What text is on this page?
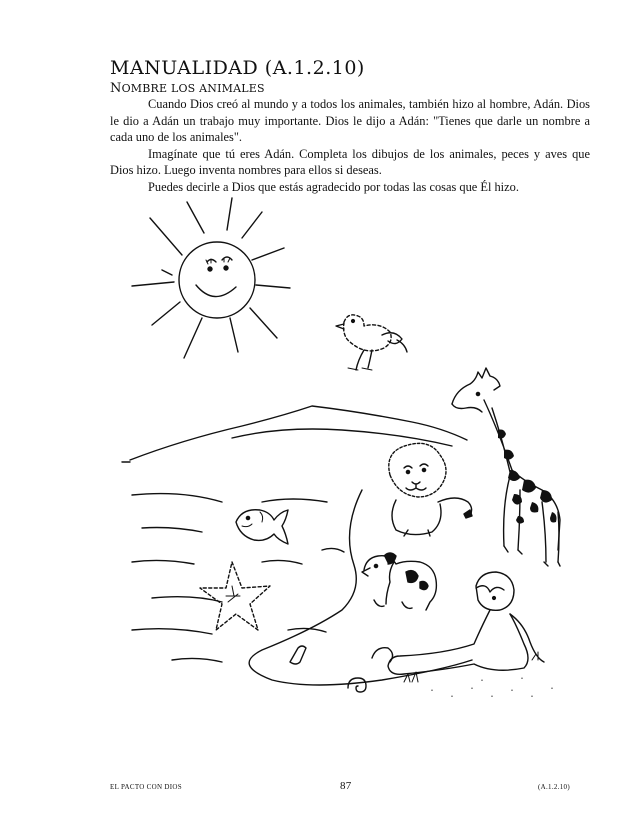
MANUALIDAD (A.1.2.10)
NOMBRE LOS ANIMALES

Cuando Dios creó al mundo y a todos los animales, también hizo al hombre, Adán. Dios le dio a Adán un trabajo muy importante. Dios le dijo a Adán: "Tienes que darle un nombre a cada uno de los animales".

Imagínate que tú eres Adán. Completa los dibujos de los animales, peces y aves que Dios hizo. Luego inventa nombres para ellos si deseas.

Puedes decirle a Dios que estás agradecido por todas las cosas que Él hizo.

EL PACTO CON DIOS	87	(A.1.2.10)
